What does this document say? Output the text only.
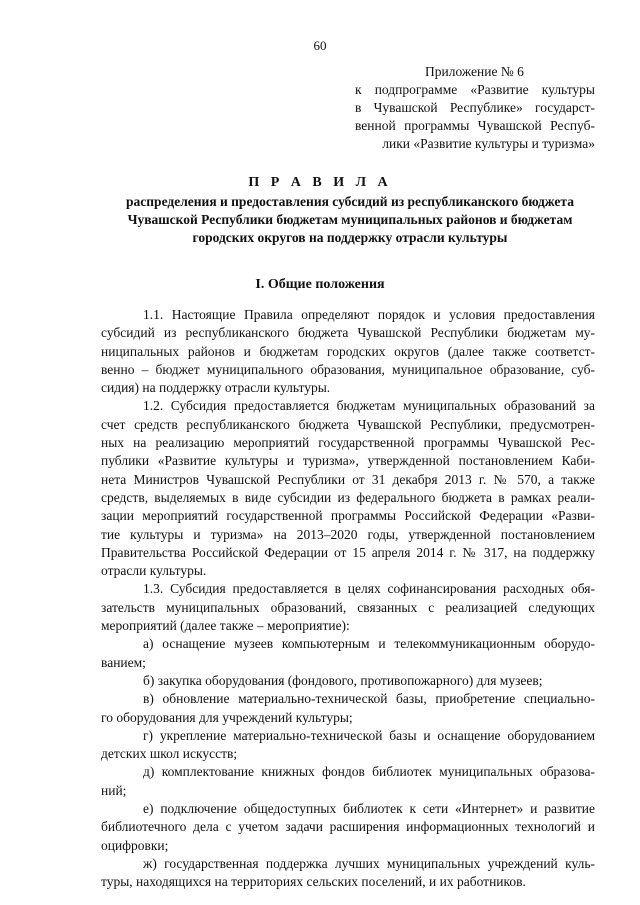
60
Приложение № 6
к подпрограмме «Развитие культуры
в Чувашской Республике» государст-
венной программы Чувашской Респуб-
лики «Развитие культуры и туризма»
П Р А В И Л А
распределения и предоставления субсидий из республиканского бюджета
Чувашской Республики бюджетам муниципальных районов и бюджетам
городских округов на поддержку отрасли культуры
I. Общие положения
1.1. Настоящие Правила определяют порядок и условия предоставления
субсидий из республиканского бюджета Чувашской Республики бюджетам му-
ниципальных районов и бюджетам городских округов (далее также соответст-
венно – бюджет муниципального образования, муниципальное образование, суб-
сидия) на поддержку отрасли культуры.
1.2. Субсидия предоставляется бюджетам муниципальных образований за
счет средств республиканского бюджета Чувашской Республики, предусмотрен-
ных на реализацию мероприятий государственной программы Чувашской Рес-
публики «Развитие культуры и туризма», утвержденной постановлением Каби-
нета Министров Чувашской Республики от 31 декабря 2013 г. № 570, а также
средств, выделяемых в виде субсидии из федерального бюджета в рамках реали-
зации мероприятий государственной программы Российской Федерации «Разви-
тие культуры и туризма» на 2013–2020 годы, утвержденной постановлением
Правительства Российской Федерации от 15 апреля 2014 г. № 317, на поддержку
отрасли культуры.
1.3. Субсидия предоставляется в целях софинансирования расходных обя-
зательств муниципальных образований, связанных с реализацией следующих
мероприятий (далее также – мероприятие):
а) оснащение музеев компьютерным и телекоммуникационным оборудо-
ванием;
б) закупка оборудования (фондового, противопожарного) для музеев;
в) обновление материально-технической базы, приобретение специально-
го оборудования для учреждений культуры;
г) укрепление материально-технической базы и оснащение оборудованием
детских школ искусств;
д) комплектование книжных фондов библиотек муниципальных образова-
ний;
е) подключение общедоступных библиотек к сети «Интернет» и развитие
библиотечного дела с учетом задачи расширения информационных технологий и
оцифровки;
ж) государственная поддержка лучших муниципальных учреждений куль-
туры, находящихся на территориях сельских поселений, и их работников.
